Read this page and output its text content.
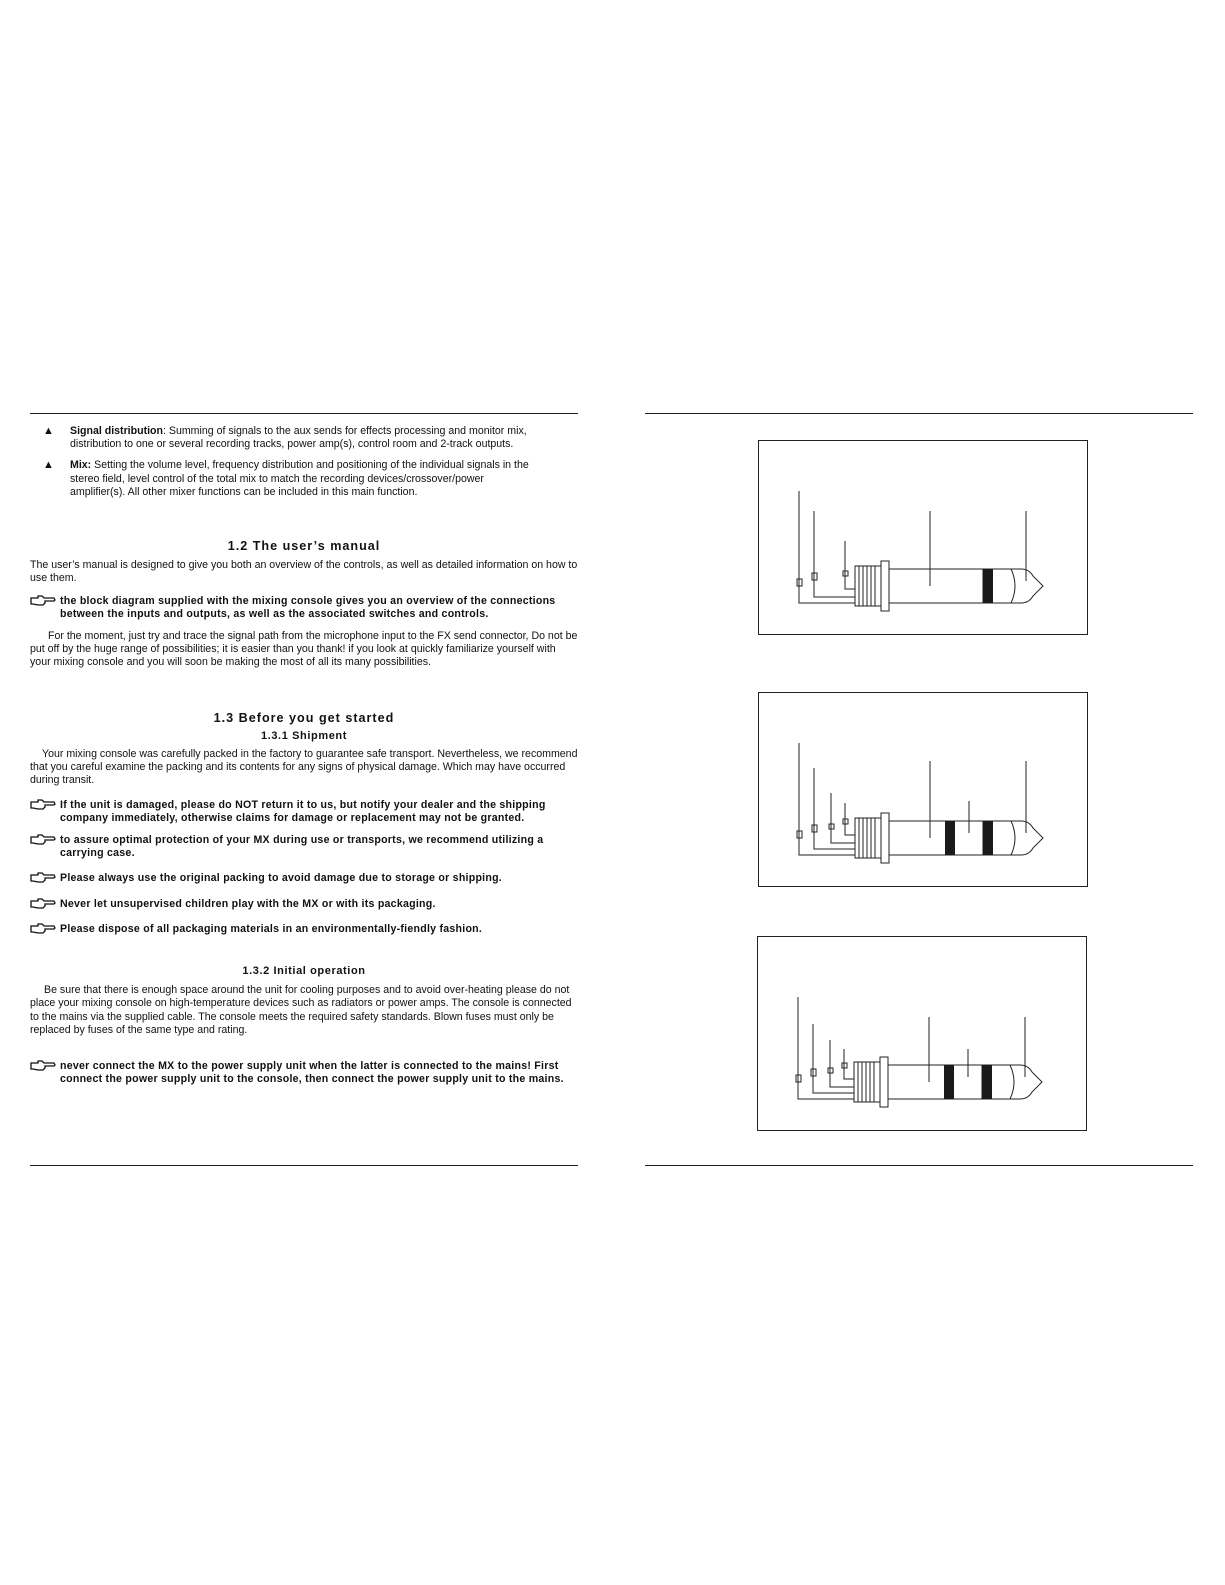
▲ Signal distribution: Summing of signals to the aux sends for effects processing and monitor mix,
distribution to one or several recording tracks, power amp(s), control room and 2-track outputs.
▲ Mix: Setting the volume level, frequency distribution and positioning of the individual signals in the
stereo field, level control of the total mix to match the recording devices/crossover/power
amplifier(s). All other mixer functions can be included in this main function.
1.2 The user’s manual

The user’s manual is designed to give you both an overview of the controls, as well as detailed information on how to use them.

the block diagram supplied with the mixing console gives you an overview of the connections between the inputs and outputs, as well as the associated switches and controls.

For the moment, just try and trace the signal path from the microphone input to the FX send connector, Do not be put off by the huge range of possibilities; it is easier than you thank! if you look at quickly familiarize yourself with your mixing console and you will soon be making the most of all its many possibilities.

1.3 Before you get started
1.3.1 Shipment

Your mixing console was carefully packed in the factory to guarantee safe transport. Nevertheless, we recommend that you careful examine the packing and its contents for any signs of physical damage. Which may have occurred during transit.

If the unit is damaged, please do NOT return it to us, but notify your dealer and the shipping company immediately, otherwise claims for damage or replacement may not be granted.
to assure optimal protection of your MX during use or transports, we recommend utilizing a carrying case.
Please always use the original packing to avoid damage due to storage or shipping.
Never let unsupervised children play with the MX or with its packaging.
Please dispose of all packaging materials in an environmentally-fiendly fashion.
1.3.2 Initial operation

Be sure that there is enough space around the unit for cooling purposes and to avoid over-heating please do not place your mixing console on high-temperature devices such as radiators or power amps. The console is connected to the mains via the supplied cable. The console meets the required safety standards. Blown fuses must only be replaced by fuses of the same type and rating.

never connect the MX to the power supply unit when the latter is connected to the mains! First connect the power supply unit to the console, then connect the power supply unit to the mains.
